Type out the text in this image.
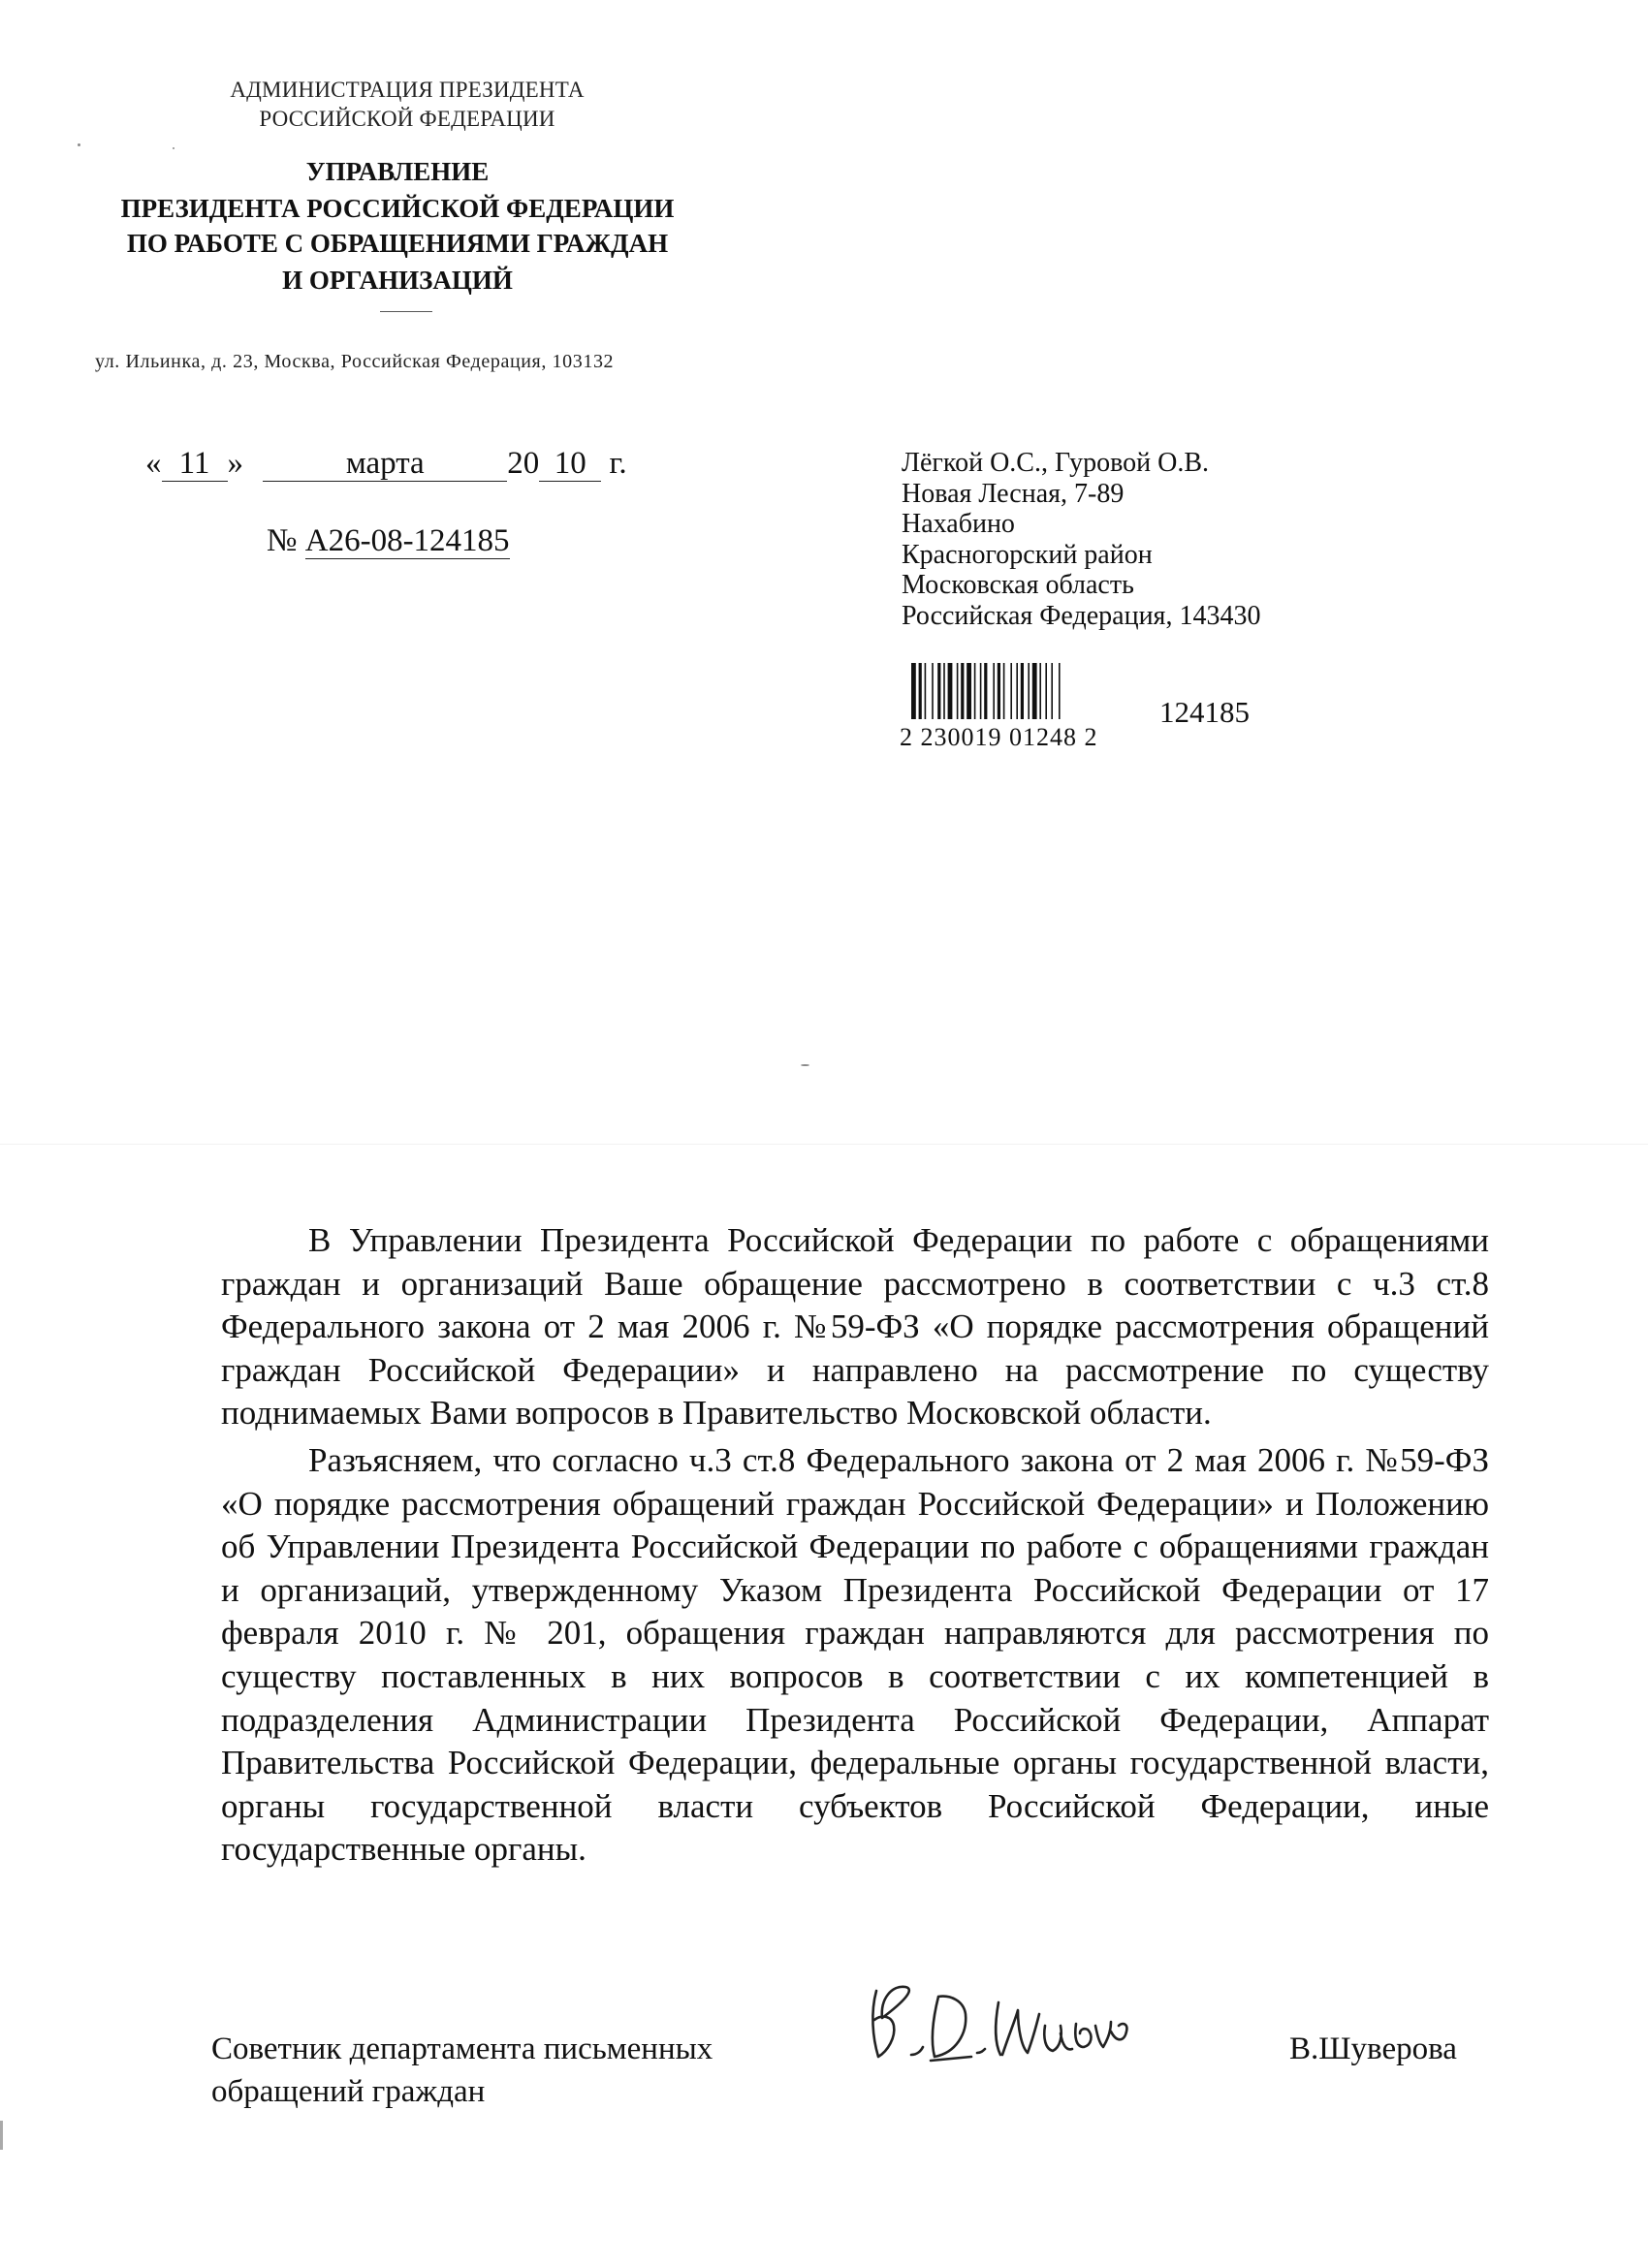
АДМИНИСТРАЦИЯ ПРЕЗИДЕНТА
РОССИЙСКОЙ ФЕДЕРАЦИИ
УПРАВЛЕНИЕ
ПРЕЗИДЕНТА РОССИЙСКОЙ ФЕДЕРАЦИИ
ПО РАБОТЕ С ОБРАЩЕНИЯМИ ГРАЖДАН
И ОРГАНИЗАЦИЙ
ул. Ильинка, д. 23, Москва, Российская Федерация, 103132
« 11 »	марта	20 10 г.
№ А26-08-124185
Лёгкой О.С., Гуровой О.В.
Новая Лесная, 7-89
Нахабино
Красногорский район
Московская область
Российская Федерация, 143430
2 230019 01248 2
124185

В Управлении Президента Российской Федерации по работе с обращениями граждан и организаций Ваше обращение рассмотрено в соответствии с ч.3 ст.8 Федерального закона от 2 мая 2006 г. №59-ФЗ «О порядке рассмотрения обращений граждан Российской Федерации» и направлено на рассмотрение по существу поднимаемых Вами вопросов в Правительство Московской области.

Разъясняем, что согласно ч.3 ст.8 Федерального закона от 2 мая 2006 г. №59-ФЗ «О порядке рассмотрения обращений граждан Российской Федерации» и Положению об Управлении Президента Российской Федерации по работе с обращениями граждан и организаций, утвержденному Указом Президента Российской Федерации от 17 февраля 2010 г. № 201, обращения граждан направляются для рассмотрения по существу поставленных в них вопросов в соответствии с их компетенцией в подразделения Администрации Президента Российской Федерации, Аппарат Правительства Российской Федерации, федеральные органы государственной власти, органы государственной власти субъектов Российской Федерации, иные государственные органы.

Советник департамента письменных
обращений граждан
В.Шуверова
